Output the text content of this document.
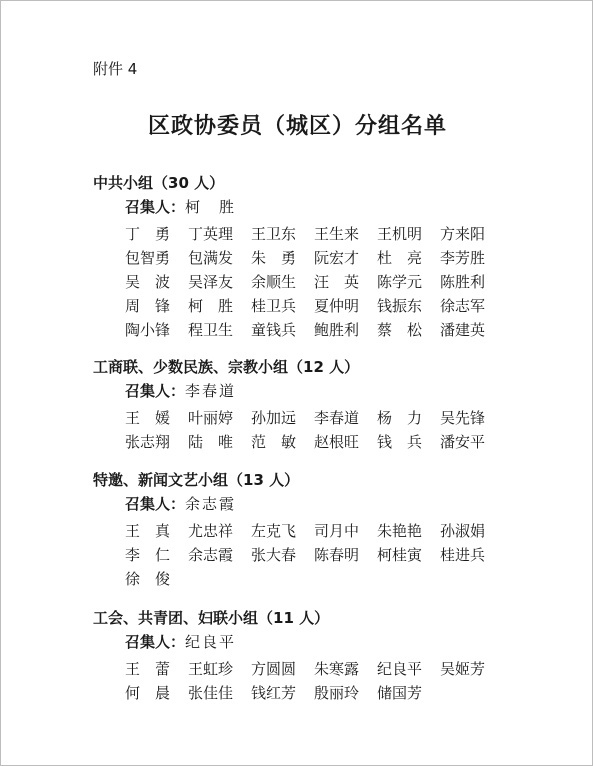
附件 4
区政协委员（城区）分组名单
中共小组（30 人）
召集人：柯　胜
丁　勇	丁英理	王卫东	王生来	王机明	方来阳
包智勇	包满发	朱　勇	阮宏才	杜　亮	李芳胜
吴　波	吴泽友	余顺生	汪　英	陈学元	陈胜利
周　锋	柯　胜	桂卫兵	夏仲明	钱振东	徐志军
陶小锋	程卫生	童钱兵	鲍胜利	蔡　松	潘建英
工商联、少数民族、宗教小组（12 人）
召集人：李春道
王　媛	叶丽婷	孙加远	李春道	杨　力	吴先锋
张志翔	陆　唯	范　敏	赵根旺	钱　兵	潘安平
特邀、新闻文艺小组（13 人）
召集人：余志霞
王　真	尤忠祥	左克飞	司月中	朱艳艳	孙淑娟
李　仁	余志霞	张大春	陈春明	柯桂寅	桂进兵
徐　俊
工会、共青团、妇联小组（11 人）
召集人：纪良平
王　蕾	王虹珍	方圆圆	朱寒露	纪良平	吴姬芳
何　晨	张佳佳	钱红芳	殷丽玲	储国芳
